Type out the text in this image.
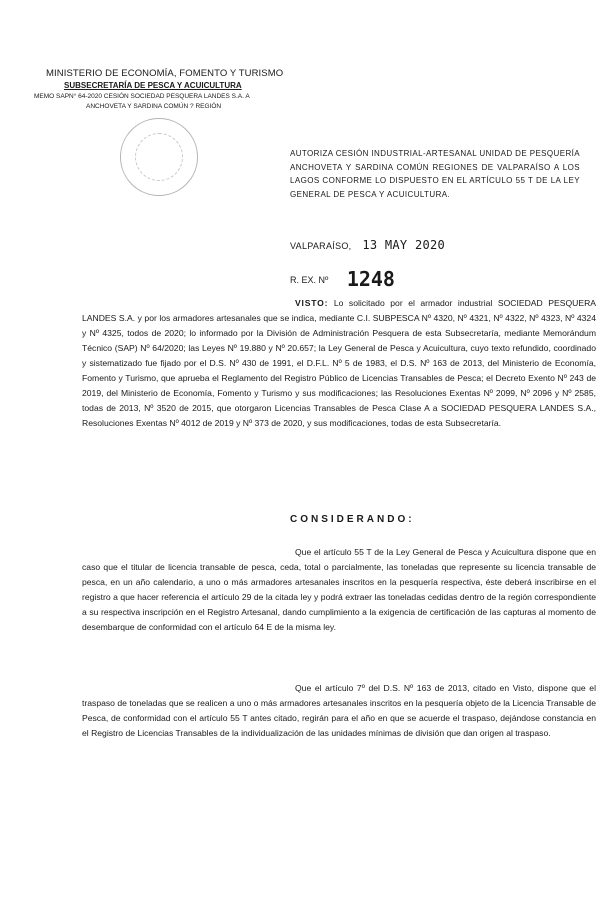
MINISTERIO DE ECONOMÍA, FOMENTO Y TURISMO

SUBSECRETARÍA DE PESCA Y ACUICULTURA

MEMO SAPN° 64-2020 CESIÓN SOCIEDAD PESQUERA LANDES S.A. A

ANCHOVETA Y SARDINA COMÚN ? REGIÓN

AUTORIZA CESIÓN INDUSTRIAL-ARTESANAL UNIDAD DE PESQUERÍA ANCHOVETA Y SARDINA COMÚN REGIONES DE VALPARAÍSO A LOS LAGOS CONFORME LO DISPUESTO EN EL ARTÍCULO 55 T DE LA LEY GENERAL DE PESCA Y ACUICULTURA.
VALPARAÍSO, 13 MAY 2020
R. EX. Nº 1248

VISTO: Lo solicitado por el armador industrial SOCIEDAD PESQUERA LANDES S.A. y por los armadores artesanales que se indica, mediante C.I. SUBPESCA Nº 4320, Nº 4321, Nº 4322, Nº 4323, Nº 4324 y Nº 4325, todos de 2020; lo informado por la División de Administración Pesquera de esta Subsecretaría, mediante Memorándum Técnico (SAP) Nº 64/2020; las Leyes Nº 19.880 y Nº 20.657; la Ley General de Pesca y Acuicultura, cuyo texto refundido, coordinado y sistematizado fue fijado por el D.S. Nº 430 de 1991, el D.F.L. Nº 5 de 1983, el D.S. Nº 163 de 2013, del Ministerio de Economía, Fomento y Turismo, que aprueba el Reglamento del Registro Público de Licencias Transables de Pesca; el Decreto Exento Nº 243 de 2019, del Ministerio de Economía, Fomento y Turismo y sus modificaciones; las Resoluciones Exentas Nº 2099, Nº 2096 y Nº 2585, todas de 2013, Nº 3520 de 2015, que otorgaron Licencias Transables de Pesca Clase A a SOCIEDAD PESQUERA LANDES S.A., Resoluciones Exentas Nº 4012 de 2019 y Nº 373 de 2020, y sus modificaciones, todas de esta Subsecretaría.

CONSIDERANDO:

Que el artículo 55 T de la Ley General de Pesca y Acuicultura dispone que en caso que el titular de licencia transable de pesca, ceda, total o parcialmente, las toneladas que represente su licencia transable de pesca, en un año calendario, a uno o más armadores artesanales inscritos en la pesquería respectiva, éste deberá inscribirse en el registro a que hacer referencia el artículo 29 de la citada ley y podrá extraer las toneladas cedidas dentro de la región correspondiente a su respectiva inscripción en el Registro Artesanal, dando cumplimiento a la exigencia de certificación de las capturas al momento de desembarque de conformidad con el artículo 64 E de la misma ley.

Que el artículo 7º del D.S. Nº 163 de 2013, citado en Visto, dispone que el traspaso de toneladas que se realicen a uno o más armadores artesanales inscritos en la pesquería objeto de la Licencia Transable de Pesca, de conformidad con el artículo 55 T antes citado, regirán para el año en que se acuerde el traspaso, dejándose constancia en el Registro de Licencias Transables de la individualización de las unidades mínimas de división que dan origen al traspaso.
